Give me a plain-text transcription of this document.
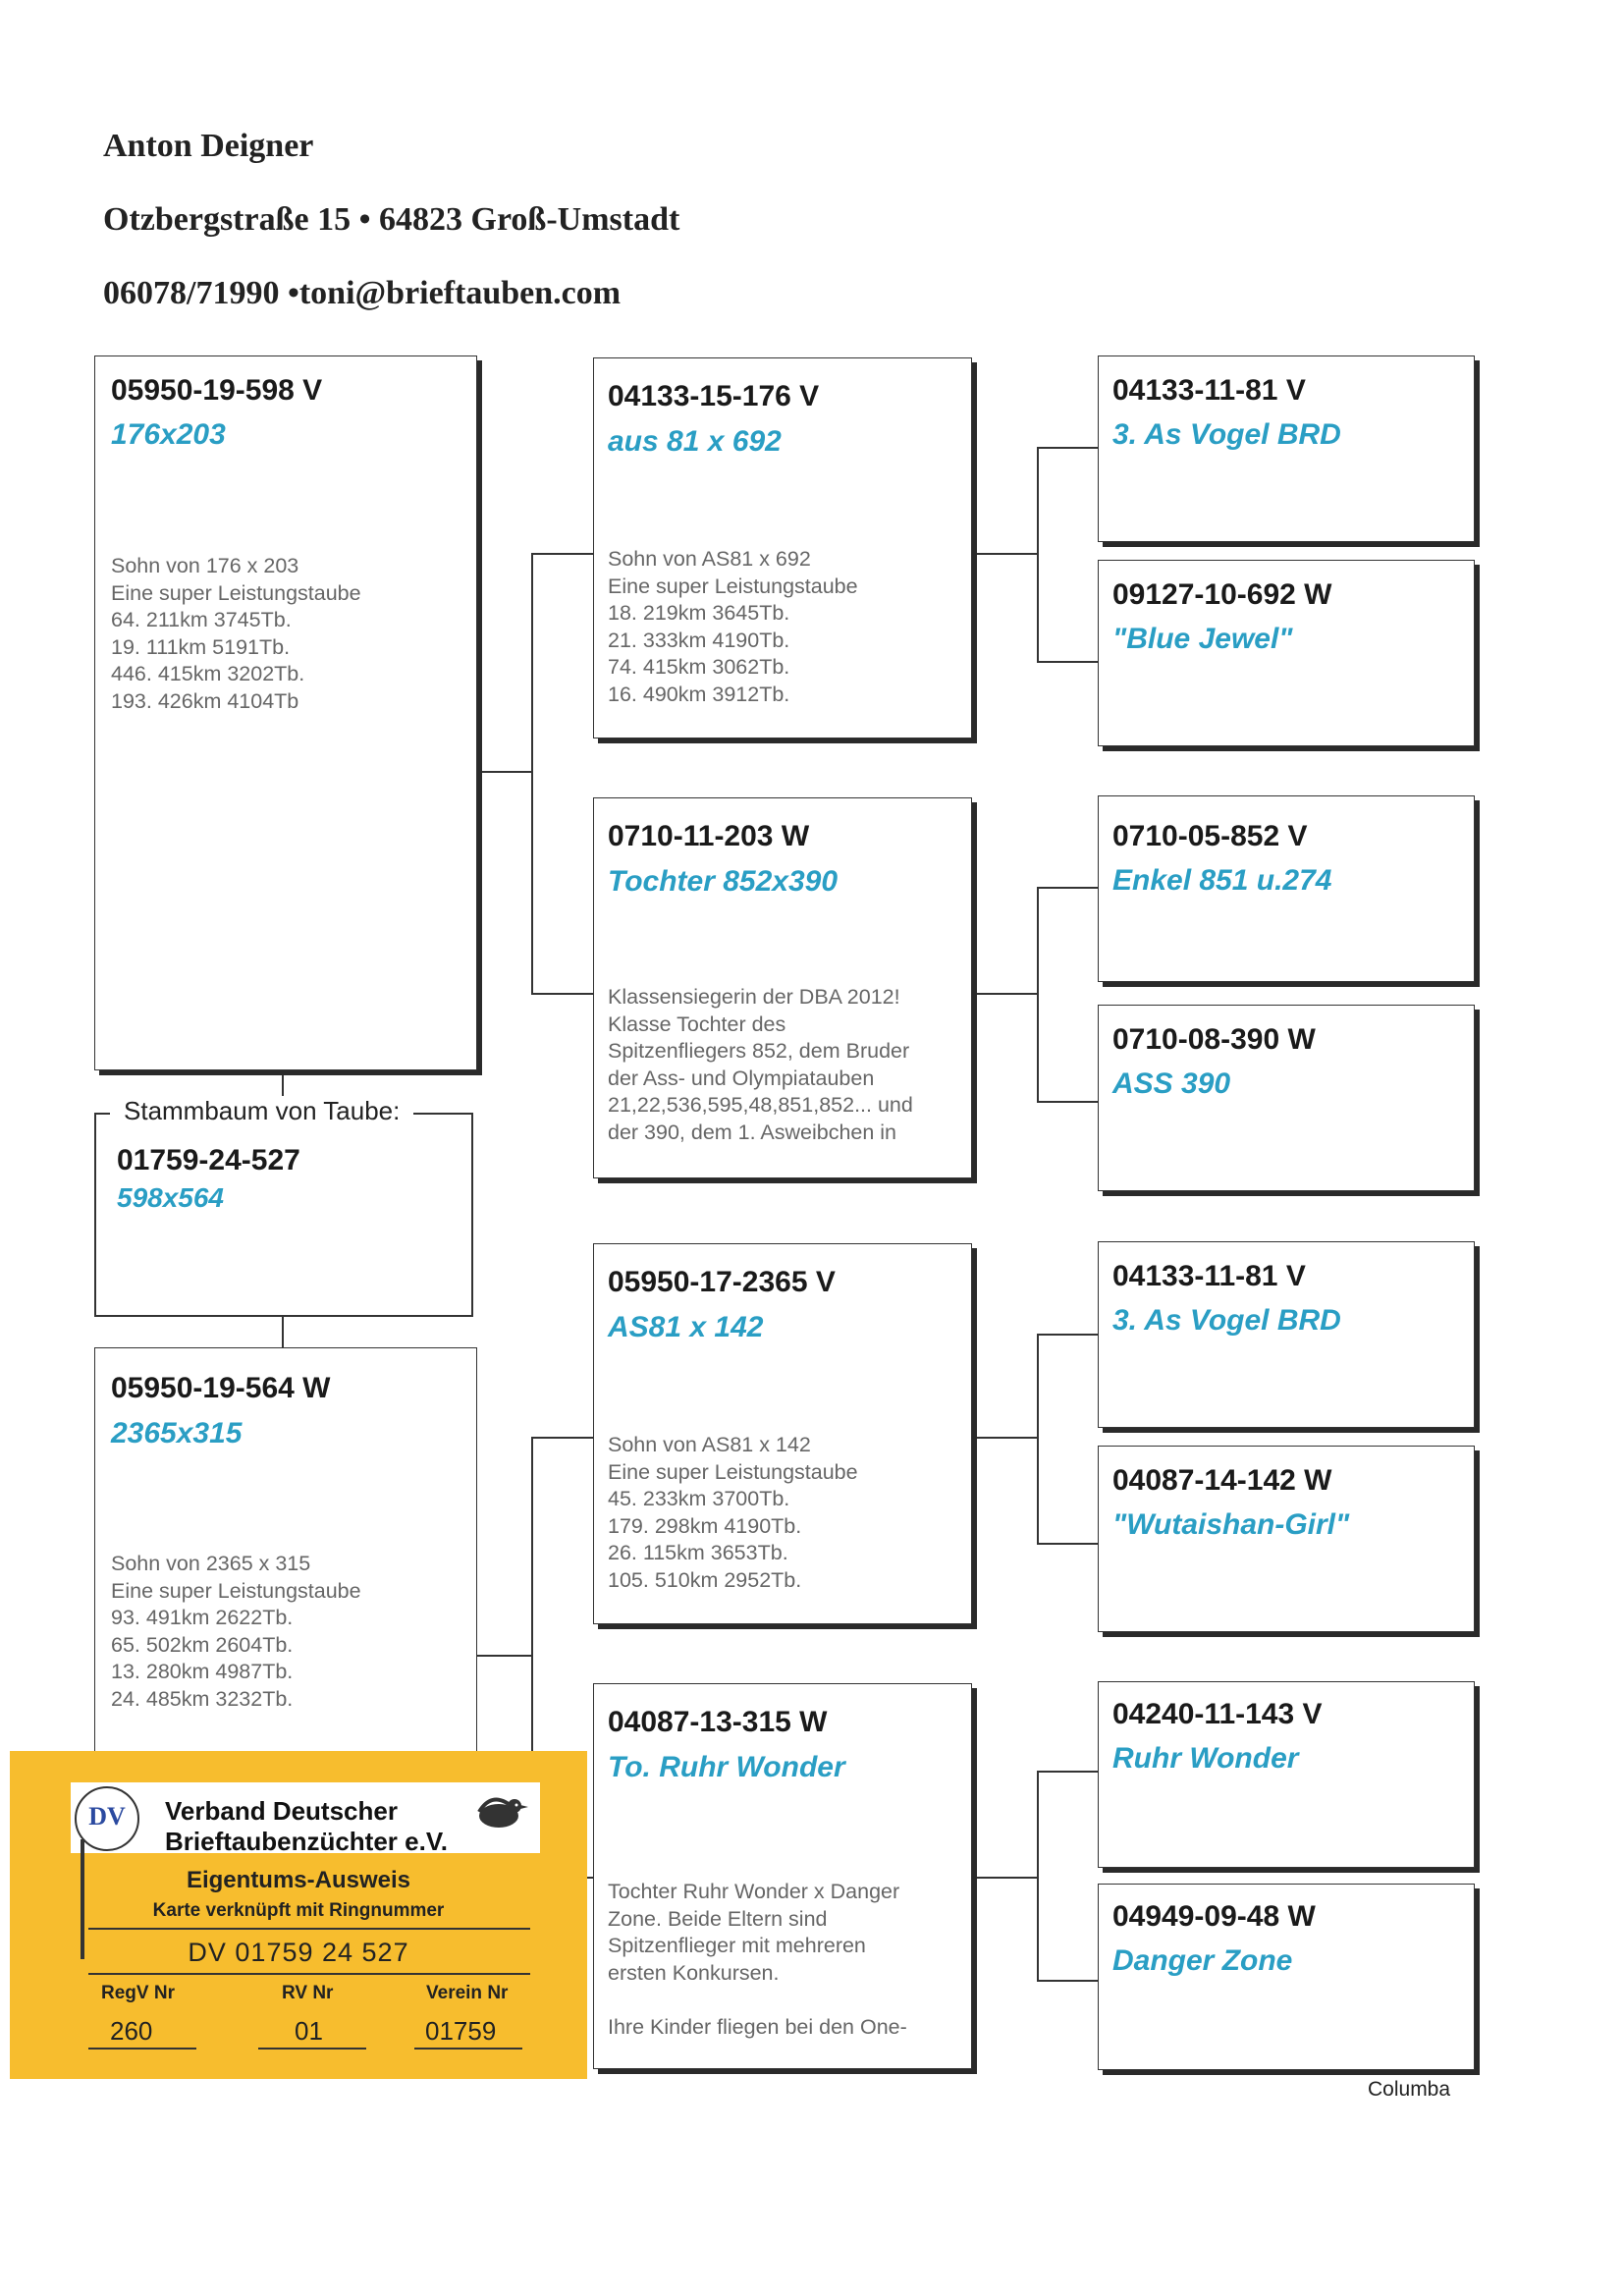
Anton Deigner
Otzbergstraße 15 • 64823 Groß-Umstadt
06078/71990 •toni@brieftauben.com
05950-19-598 V
176x203
Sohn von 176 x 203
Eine super Leistungstaube
64. 211km 3745Tb.
19. 111km 5191Tb.
446. 415km 3202Tb.
193. 426km 4104Tb
Stammbaum von Taube:
01759-24-527
598x564
05950-19-564 W
2365x315
Sohn von 2365 x 315
Eine super Leistungstaube
93. 491km 2622Tb.
65. 502km 2604Tb.
13. 280km 4987Tb.
24. 485km 3232Tb.
04133-15-176 V
aus 81 x 692
Sohn von AS81 x 692
Eine super Leistungstaube
18. 219km 3645Tb.
21. 333km 4190Tb.
74. 415km 3062Tb.
16. 490km 3912Tb.
0710-11-203 W
Tochter 852x390
Klassensiegerin der DBA 2012!
Klasse Tochter des
Spitzenfliegers 852, dem Bruder
der Ass- und Olympiatauben
21,22,536,595,48,851,852... und
der 390, dem 1. Asweibchen in
05950-17-2365 V
AS81 x 142
Sohn von AS81 x 142
Eine super Leistungstaube
45. 233km 3700Tb.
179. 298km 4190Tb.
26. 115km 3653Tb.
105. 510km 2952Tb.
04087-13-315 W
To. Ruhr Wonder
Tochter Ruhr Wonder x Danger
Zone. Beide Eltern sind
Spitzenflieger mit mehreren
ersten Konkursen.

Ihre Kinder fliegen bei den One-
04133-11-81 V
3. As Vogel BRD
09127-10-692 W
"Blue Jewel"
0710-05-852 V
Enkel 851 u.274
0710-08-390 W
ASS 390
04133-11-81 V
3. As Vogel BRD
04087-14-142 W
"Wutaishan-Girl"
04240-11-143 V
Ruhr Wonder
04949-09-48 W
Danger Zone
Columba
DV	Verband Deutscher
Brieftaubenzüchter e.V.
Eigentums-Ausweis
Karte verknüpft mit Ringnummer
DV 01759 24 527
RegV Nr	RV Nr	Verein Nr
260	01	01759
